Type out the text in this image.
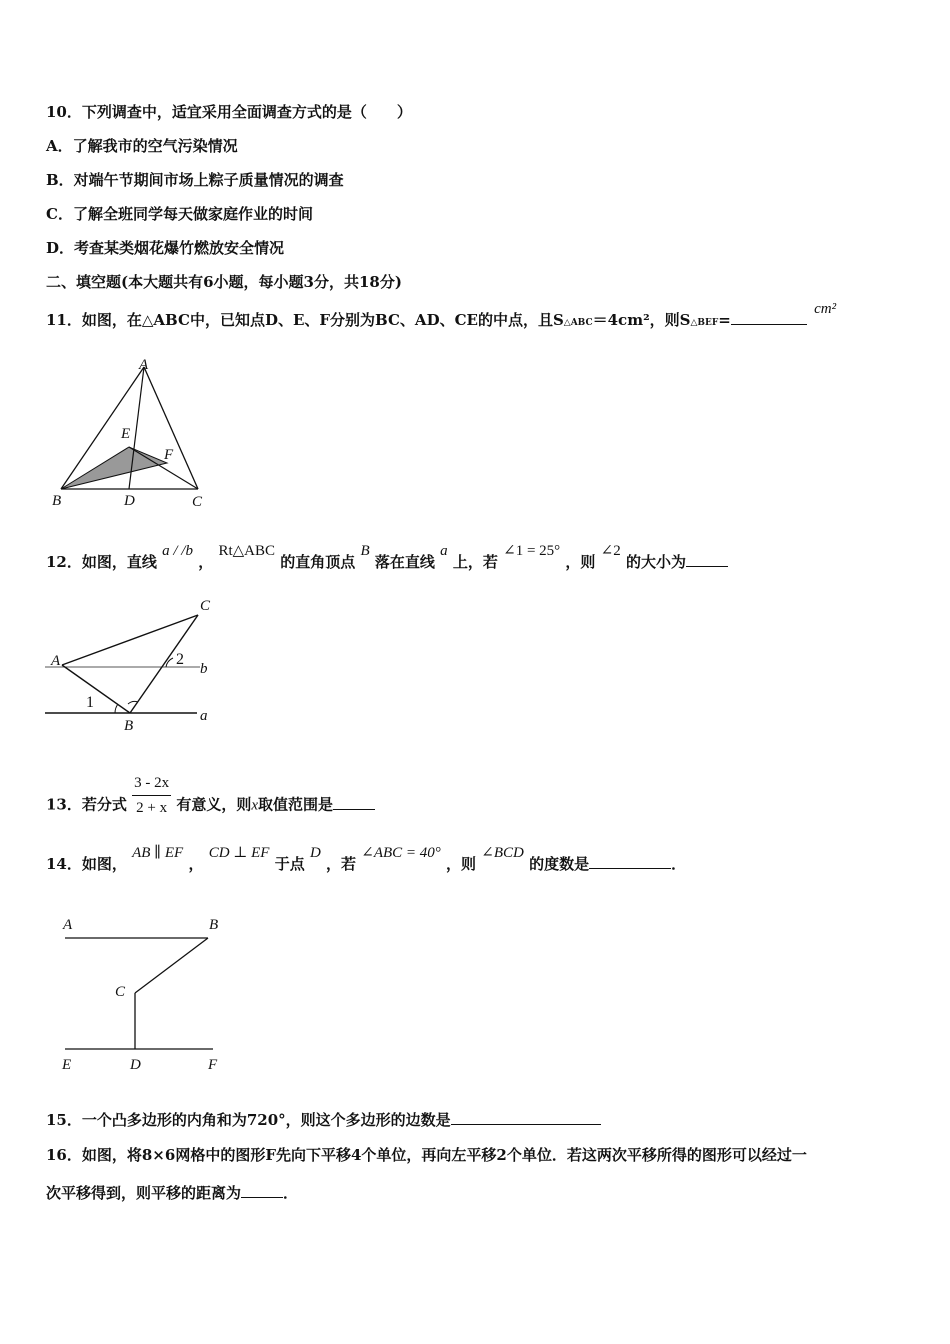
10．下列调查中，适宜采用全面调查方式的是（　　）
A．了解我市的空气污染情况
B．对端午节期间市场上粽子质量情况的调查
C．了解全班同学每天做家庭作业的时间
D．考查某类烟花爆竹燃放安全情况
二、填空题(本大题共有6小题，每小题3分，共18分)
11．如图，在△ABC中，已知点D、E、F分别为BC、AD、CE的中点，且S△ABC＝4cm²，则S△BEF= cm²
A
B	C
D
E
F
12．如图，直线 a / /b ， Rt△ABC 的直角顶点 B 落在直线 a 上，若 ∠1 = 25° ，则 ∠2 的大小为
C
A
B
b
a
1
2
13．若分式 $\frac{3 - 2x}{2 + x}$ 有意义，则x取值范围是
14．如图， AB ∥ EF ， CD ⊥ EF 于点 D ，若 ∠ABC = 40° ，则 ∠BCD 的度数是	．
A	B
C
D
E	F
15．一个凸多边形的内角和为720°，则这个多边形的边数是
16．如图，将8×6网格中的图形F先向下平移4个单位，再向左平移2个单位．若这两次平移所得的图形可以经过一
次平移得到，则平移的距离为	．
